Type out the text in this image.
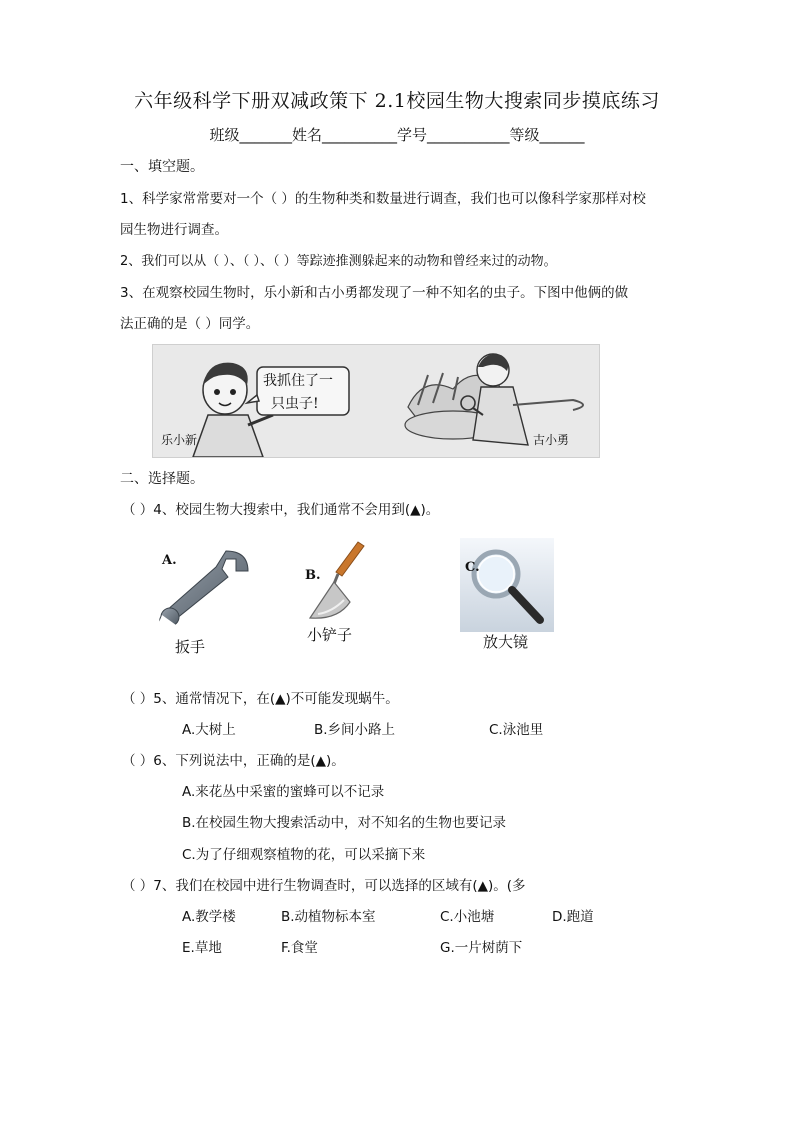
六年级科学下册双减政策下 2.1校园生物大搜索同步摸底练习
班级_______姓名__________学号___________等级______
一、填空题。
1、科学家常常要对一个（ ）的生物种类和数量进行调查，我们也可以像科学家那样对校
园生物进行调查。
2、我们可以从（ ）、（ ）、（ ）等踪迹推测躲起来的动物和曾经来过的动物。
3、在观察校园生物时，乐小新和古小勇都发现了一种不知名的虫子。下图中他俩的做
法正确的是（ ）同学。
我抓住了一
只虫子!
乐小新	古小勇
二、选择题。
（ ）4、校园生物大搜索中，我们通常不会用到(▲)。
A.
扳手
B.
小铲子
C.
放大镜
（ ）5、通常情况下，在(▲)不可能发现蜗牛。
A.大树上	B.乡间小路上	C.泳池里
（ ）6、下列说法中，正确的是(▲)。
A.来花丛中采蜜的蜜蜂可以不记录
B.在校园生物大搜索活动中，对不知名的生物也要记录
C.为了仔细观察植物的花，可以采摘下来
（ ）7、我们在校园中进行生物调查时，可以选择的区域有(▲)。(多
A.教学楼	B.动植物标本室	C.小池塘	D.跑道
E.草地	F.食堂	G.一片树荫下
